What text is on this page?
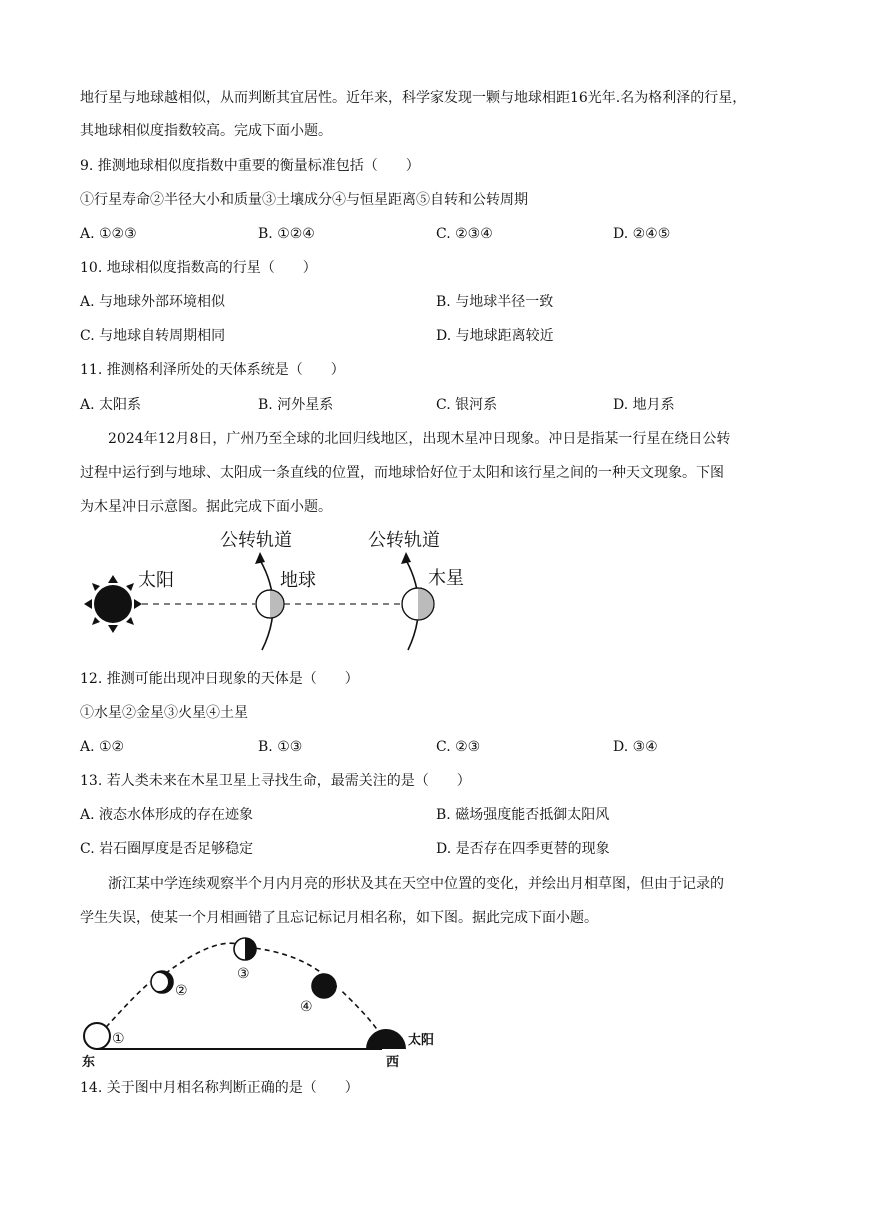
地行星与地球越相似，从而判断其宜居性。近年来，科学家发现一颗与地球相距16光年.名为格利泽的行星，
其地球相似度指数较高。完成下面小题。
9. 推测地球相似度指数中重要的衡量标准包括（　　）
①行星寿命②半径大小和质量③土壤成分④与恒星距离⑤自转和公转周期
A. ①②③	B. ①②④	C. ②③④	D. ②④⑤
10. 地球相似度指数高的行星（　　）
A. 与地球外部环境相似	B. 与地球半径一致
C. 与地球自转周期相同	D. 与地球距离较近
11. 推测格利泽所处的天体系统是（　　）
A. 太阳系	B. 河外星系	C. 银河系	D. 地月系
2024年12月8日，广州乃至全球的北回归线地区，出现木星冲日现象。冲日是指某一行星在绕日公转
过程中运行到与地球、太阳成一条直线的位置，而地球恰好位于太阳和该行星之间的一种天文现象。下图
为木星冲日示意图。据此完成下面小题。
太阳
公转轨道
地球
公转轨道
木星
12. 推测可能出现冲日现象的天体是（　　）
①水星②金星③火星④土星
A. ①②	B. ①③	C. ②③	D. ③④
13. 若人类未来在木星卫星上寻找生命，最需关注的是（　　）
A. 液态水体形成的存在迹象	B. 磁场强度能否抵御太阳风
C. 岩石圈厚度是否足够稳定	D. 是否存在四季更替的现象
浙江某中学连续观察半个月内月亮的形状及其在天空中位置的变化，并绘出月相草图，但由于记录的
学生失误，使某一个月相画错了且忘记标记月相名称，如下图。据此完成下面小题。
①
②
③
④
太阳
东	西
14. 关于图中月相名称判断正确的是（　　）
